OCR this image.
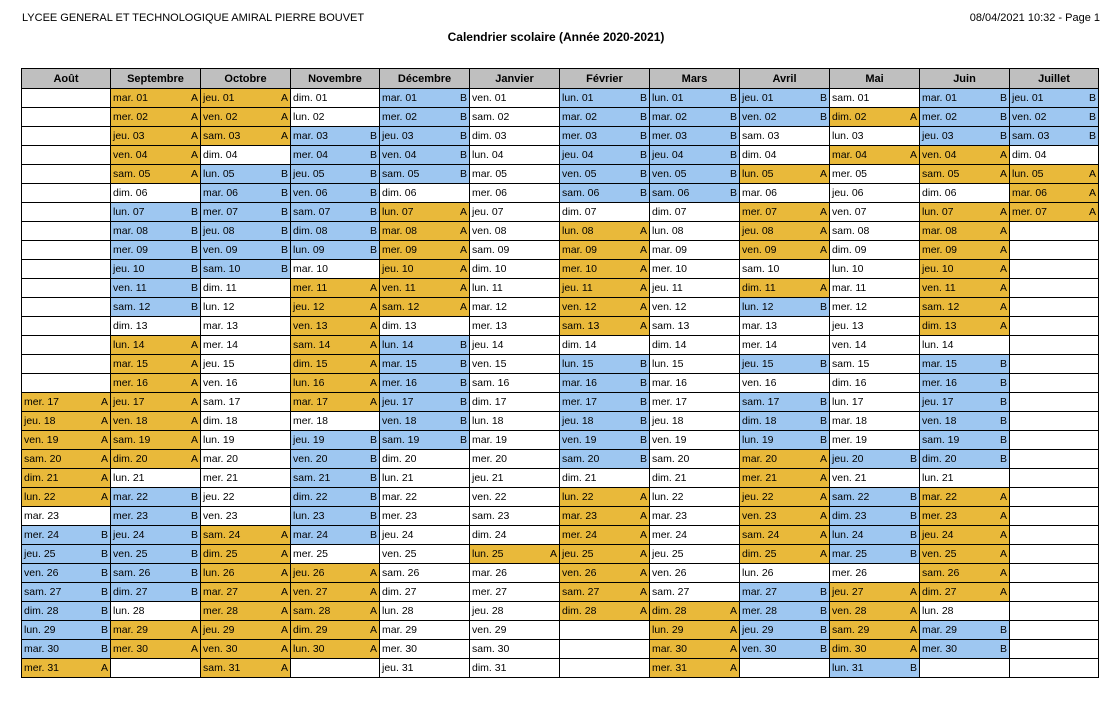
LYCEE GENERAL ET TECHNOLOGIQUE AMIRAL PIERRE BOUVET	08/04/2021 10:32 - Page 1
Calendrier scolaire (Année 2020-2021)
Août	Septembre	Octobre	Novembre	Décembre	Janvier	Février	Mars	Avril	Mai	Juin	Juillet

	mar. 01 A	jeu. 01 A	dim. 01	mar. 01 B	ven. 01	lun. 01 B	lun. 01 B	jeu. 01 B	sam. 01	mar. 01 B	jeu. 01 B

	mer. 02 A	ven. 02 A	lun. 02	mer. 02 B	sam. 02	mar. 02 B	mar. 02 B	ven. 02 B	dim. 02 A	mer. 02 B	ven. 02 B

	jeu. 03 A	sam. 03 A	mar. 03 B	jeu. 03 B	dim. 03	mer. 03 B	mer. 03 B	sam. 03	lun. 03	jeu. 03 B	sam. 03 B

	ven. 04 A	dim. 04	mer. 04 B	ven. 04 B	lun. 04	jeu. 04 B	jeu. 04 B	dim. 04	mar. 04 A	ven. 04 A	dim. 04

	sam. 05 A	lun. 05 B	jeu. 05 B	sam. 05 B	mar. 05	ven. 05 B	ven. 05 B	lun. 05 A	mer. 05	sam. 05 A	lun. 05 A

	dim. 06	mar. 06 B	ven. 06 B	dim. 06	mer. 06	sam. 06 B	sam. 06 B	mar. 06	jeu. 06	dim. 06	mar. 06 A

	lun. 07 B	mer. 07 B	sam. 07 B	lun. 07 A	jeu. 07	dim. 07	dim. 07	mer. 07 A	ven. 07	lun. 07 A	mer. 07 A

	mar. 08 B	jeu. 08 B	dim. 08 B	mar. 08 A	ven. 08	lun. 08 A	lun. 08	jeu. 08 A	sam. 08	mar. 08 A	

	mer. 09 B	ven. 09 B	lun. 09 B	mer. 09 A	sam. 09	mar. 09 A	mar. 09	ven. 09 A	dim. 09	mer. 09 A	

	jeu. 10 B	sam. 10 B	mar. 10	jeu. 10 A	dim. 10	mer. 10 A	mer. 10	sam. 10	lun. 10	jeu. 10 A	

	ven. 11 B	dim. 11	mer. 11 A	ven. 11 A	lun. 11	jeu. 11 A	jeu. 11	dim. 11 A	mar. 11	ven. 11 A	

	sam. 12 B	lun. 12	jeu. 12 A	sam. 12 A	mar. 12	ven. 12 A	ven. 12	lun. 12 B	mer. 12	sam. 12 A	

	dim. 13	mar. 13	ven. 13 A	dim. 13	mer. 13	sam. 13 A	sam. 13	mar. 13	jeu. 13	dim. 13 A	

	lun. 14 A	mer. 14	sam. 14 A	lun. 14 B	jeu. 14	dim. 14	dim. 14	mer. 14	ven. 14	lun. 14	

	mar. 15 A	jeu. 15	dim. 15 A	mar. 15 B	ven. 15	lun. 15 B	lun. 15	jeu. 15 B	sam. 15	mar. 15 B	

	mer. 16 A	ven. 16	lun. 16 A	mer. 16 B	sam. 16	mar. 16 B	mar. 16	ven. 16	dim. 16	mer. 16 B	

mer. 17 A	jeu. 17 A	sam. 17	mar. 17 A	jeu. 17 B	dim. 17	mer. 17 B	mer. 17	sam. 17 B	lun. 17	jeu. 17 B	

jeu. 18 A	ven. 18 A	dim. 18	mer. 18	ven. 18 B	lun. 18	jeu. 18 B	jeu. 18	dim. 18 B	mar. 18	ven. 18 B	

ven. 19 A	sam. 19 A	lun. 19	jeu. 19 B	sam. 19 B	mar. 19	ven. 19 B	ven. 19	lun. 19 B	mer. 19	sam. 19 B	

sam. 20 A	dim. 20 A	mar. 20	ven. 20 B	dim. 20	mer. 20	sam. 20 B	sam. 20	mar. 20 A	jeu. 20 B	dim. 20 B	

dim. 21 A	lun. 21	mer. 21	sam. 21 B	lun. 21	jeu. 21	dim. 21	dim. 21	mer. 21 A	ven. 21	lun. 21	

lun. 22 A	mar. 22 B	jeu. 22	dim. 22 B	mar. 22	ven. 22	lun. 22 A	lun. 22	jeu. 22 A	sam. 22 B	mar. 22 A	

mar. 23	mer. 23 B	ven. 23	lun. 23 B	mer. 23	sam. 23	mar. 23 A	mar. 23	ven. 23 A	dim. 23 B	mer. 23 A	

mer. 24 B	jeu. 24 B	sam. 24 A	mar. 24 B	jeu. 24	dim. 24	mer. 24 A	mer. 24	sam. 24 A	lun. 24 B	jeu. 24 A	

jeu. 25 B	ven. 25 B	dim. 25 A	mer. 25	ven. 25	lun. 25 A	jeu. 25 A	jeu. 25	dim. 25 A	mar. 25 B	ven. 25 A	

ven. 26 B	sam. 26 B	lun. 26 A	jeu. 26 A	sam. 26	mar. 26	ven. 26 A	ven. 26	lun. 26	mer. 26	sam. 26 A	

sam. 27 B	dim. 27 B	mar. 27 A	ven. 27 A	dim. 27	mer. 27	sam. 27 A	sam. 27	mar. 27 B	jeu. 27 A	dim. 27 A	

dim. 28 B	lun. 28	mer. 28 A	sam. 28 A	lun. 28	jeu. 28	dim. 28 A	dim. 28 A	mer. 28 B	ven. 28 A	lun. 28	

lun. 29 B	mar. 29 A	jeu. 29 A	dim. 29 A	mar. 29	ven. 29		lun. 29 A	jeu. 29 B	sam. 29 A	mar. 29 B	

mar. 30 B	mer. 30 A	ven. 30 A	lun. 30 A	mer. 30	sam. 30		mar. 30 A	ven. 30 B	dim. 30 A	mer. 30 B	

mer. 31 A		sam. 31 A		jeu. 31	dim. 31		mer. 31 A		lun. 31 B		
